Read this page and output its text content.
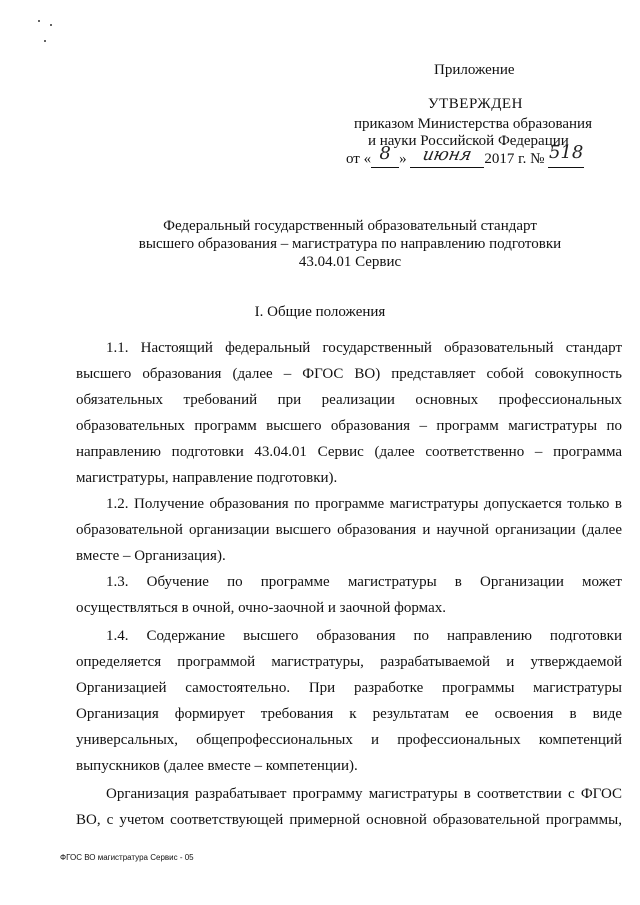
Приложение
УТВЕРЖДЕН
приказом Министерства образования
и науки Российской Федерации
от « 8 » июня 2017 г. № 518
Федеральный государственный образовательный стандарт
высшего образования – магистратура по направлению подготовки
43.04.01 Сервис
I. Общие положения
1.1. Настоящий федеральный государственный образовательный стандарт
высшего образования (далее – ФГОС ВО) представляет собой совокупность
обязательных требований при реализации основных профессиональных
образовательных программ высшего образования – программ магистратуры по
направлению подготовки 43.04.01 Сервис (далее соответственно – программа
магистратуры, направление подготовки).
1.2. Получение образования по программе магистратуры допускается только в
образовательной организации высшего образования и научной организации (далее
вместе – Организация).
1.3. Обучение по программе магистратуры в Организации может
осуществляться в очной, очно-заочной и заочной формах.
1.4. Содержание высшего образования по направлению подготовки
определяется программой магистратуры, разрабатываемой и утверждаемой
Организацией самостоятельно. При разработке программы магистратуры
Организация формирует требования к результатам ее освоения в виде
универсальных, общепрофессиональных и профессиональных компетенций
выпускников (далее вместе – компетенции).
Организация разрабатывает программу магистратуры в соответствии с ФГОС
ВО, с учетом соответствующей примерной основной образовательной программы,
ФГОС ВО магистратура Сервис - 05
